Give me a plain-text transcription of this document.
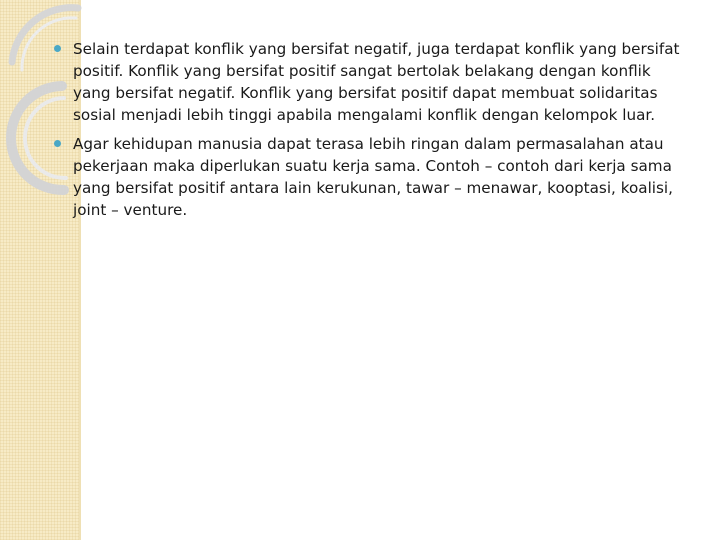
Selain terdapat konflik yang bersifat negatif, juga terdapat konflik yang bersifat positif. Konflik yang bersifat positif sangat bertolak belakang dengan konflik yang bersifat negatif. Konflik yang bersifat positif dapat membuat solidaritas sosial menjadi lebih tinggi apabila mengalami konflik dengan kelompok luar.
Agar kehidupan manusia dapat terasa lebih ringan dalam permasalahan atau pekerjaan maka diperlukan suatu kerja sama. Contoh – contoh dari kerja sama yang bersifat positif antara lain kerukunan, tawar – menawar, kooptasi, koalisi, joint – venture.
